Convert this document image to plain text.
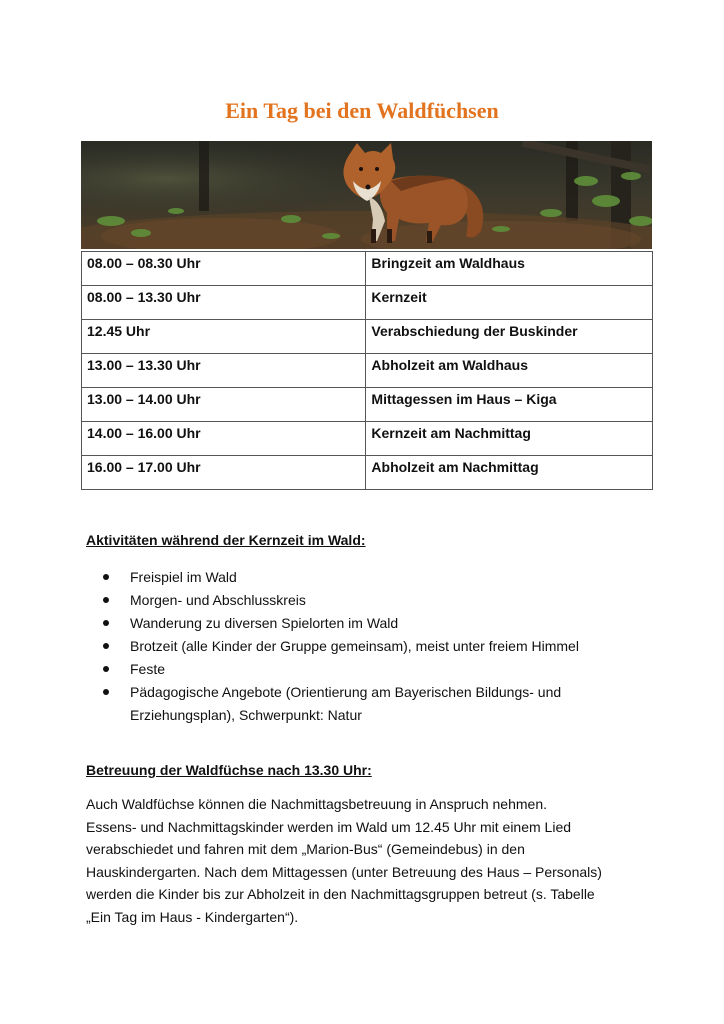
Ein Tag bei den Waldfüchsen
08.00 – 08.30 Uhr	Bringzeit am Waldhaus
08.00 – 13.30 Uhr	Kernzeit
12.45 Uhr	Verabschiedung der Buskinder
13.00 – 13.30 Uhr	Abholzeit am Waldhaus
13.00 – 14.00 Uhr	Mittagessen im Haus – Kiga
14.00 – 16.00 Uhr	Kernzeit am Nachmittag
16.00 – 17.00 Uhr	Abholzeit am Nachmittag

Aktivitäten während der Kernzeit im Wald:

Freispiel im Wald
Morgen- und Abschlusskreis
Wanderung zu diversen Spielorten im Wald
Brotzeit (alle Kinder der Gruppe gemeinsam), meist unter freiem Himmel
Feste
Pädagogische Angebote (Orientierung am Bayerischen Bildungs- und
Erziehungsplan), Schwerpunkt: Natur

Betreuung der Waldfüchse nach 13.30 Uhr:

Auch Waldfüchse können die Nachmittagsbetreuung in Anspruch nehmen.
Essens- und Nachmittagskinder werden im Wald um 12.45 Uhr mit einem Lied
verabschiedet und fahren mit dem „Marion-Bus“ (Gemeindebus) in den
Hauskindergarten. Nach dem Mittagessen (unter Betreuung des Haus – Personals)
werden die Kinder bis zur Abholzeit in den Nachmittagsgruppen betreut (s. Tabelle
„Ein Tag im Haus - Kindergarten“).
